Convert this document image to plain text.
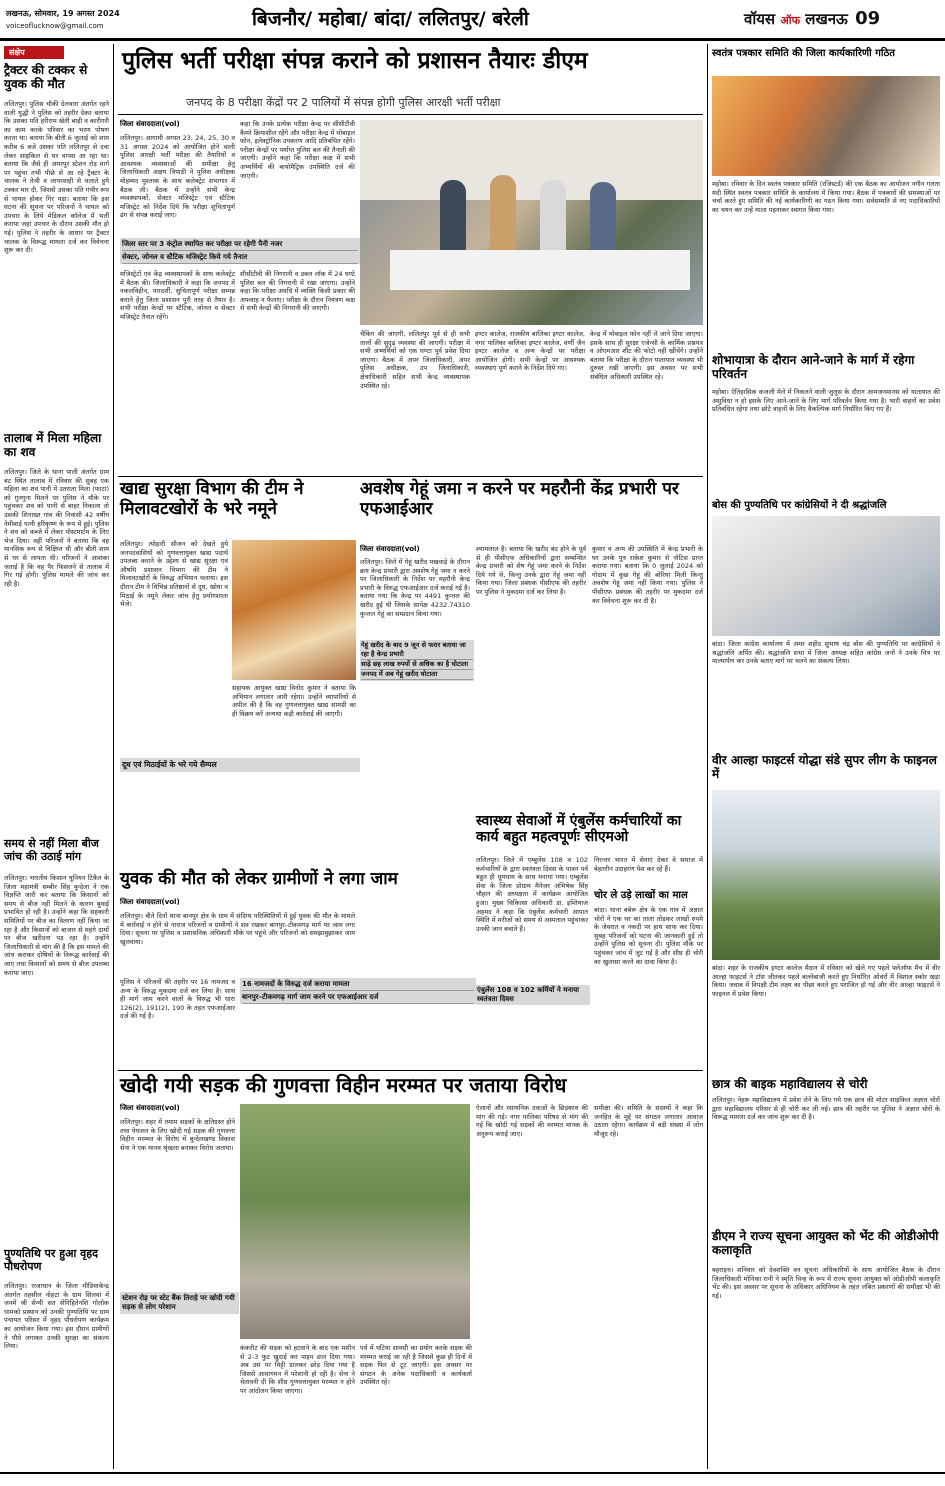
लखनऊ, सोमवार, 19 अगस्त 2024
voiceoflucknow@gmail.com	बिजनौर/ महोबा/ बांदा/ ललितपुर/ बरेली	वॉयस ऑफ लखनऊ 09
संक्षेप
ट्रैक्टर की टक्कर से युवक की मौत
ललितपुर। पुलिस चौकी देलवारा अंतर्गत रहने वाली युद्धी ने पुलिस को तहरीर देकर बताया कि उसका पति हरीराम खेती बाड़ी व कारीगरी का काम करके परिवार का भरण पोषण करता था। बताया कि बीती 6 जुलाई को शाम करीब 6 बजे उसका पति ललितपुर से दवा लेकर साइकिल से घर वापस आ रहा था। बताया कि जैसे ही अमरपुर स्टेशन रोड़ मार्ग पर पहुंचा तभी पीछे से आ रहे ट्रैक्टर के चालक ने तेजी व लापरवाही से चलाते हुये टक्कर मार दी, जिससे उसका पति गंभीर रूप से घायल होकर गिर पड़ा। बताया कि इस घटना की सूचना पर परिजनों ने घायल को उपचार के लिये मेडिकल कॉलेज में भर्ती कराया जहां उपचार के दौरान उसकी मौत हो गई। पुलिस ने तहरीर के आधार पर ट्रैक्टर चालक के विरूद्ध मामला दर्ज कर विवेचना शुरू कर दी।
तालाब में मिला महिला का शव
ललितपुर। जिले के थाना पाली अंतर्गत ग्राम बंट स्थित तालाब में रविवार की सुबह एक महिला का शव पानी में उतराता मिला (फाटा) को गुनगुना मिलने पर पुलिस ने मौके पर पहुंचकर शव को पानी से बाहर निकाला तो उसकी शिनाख्त गांव की निवासी 42 वर्षीय नेमीबाई पत्नी हरिकृष्ण के रूप में हुई। पुलिस ने शव को कब्जे में लेकर पोस्टमार्टम के लिए भेज दिया। वहीं परिजनों ने बताया कि वह मानसिक रूप से विक्षिप्त थी और बीती शाम से घर से लापता थी। परिजनों ने आशंका जताई है कि वह पैर फिसलने से तालाब में गिर गई होगी। पुलिस मामले की जांच कर रही है।
समय से नहीं मिला बीज जांच की उठाई मांग
ललितपुर। भारतीय किसान यूनियन टिकैत के जिला महामंत्री सम्बीर सिंह बुन्देला ने एक विज्ञप्ति जारी कर बताया कि किसानों को समय से बीज नहीं मिलने के कारण बुवाई प्रभावित हो रही है। उन्होंने कहा कि सहकारी समितियों पर बीज का वितरण नहीं किया जा रहा है और किसानों को बाजार से महंगे दामों पर बीज खरीदना पड़ रहा है। उन्होंने जिलाधिकारी से मांग की है कि इस मामले की जांच कराकर दोषियों के विरूद्ध कार्रवाई की जाए तथा किसानों को समय से बीज उपलब्ध कराया जाए।
पुण्यतिथि पर हुआ वृहद पौधरोपण
ललितपुर। राजाधान के जिला मीडियाकेन्द्र अंतर्गत तहसील नोहटा के ग्राम सिलवां में जनमें श्री सेन्यी सत सेनिहितेनशि गोलोक धामको प्रस्थान को उनकी पुण्यतिथि पर ग्राम पंचायत परिसर में वृहद पौधरोपण कार्यक्रम का आयोजन किया गया। इस दौरान ग्रामीणों ने पौधे लगाकर उनकी सुरक्षा का संकल्प लिया।
पुलिस भर्ती परीक्षा संपन्न कराने को प्रशासन तैयारः डीएम
जनपद के 8 परीक्षा केंद्रों पर 2 पालियों में संपन्न होगी पुलिस आरक्षी भर्ती परीक्षा
जिला संवाददाता(vol)
ललितपुर। आगामी अगस्त 23, 24, 25, 30 व 31 अगस्त 2024 को आयोजित होने वाली पुलिस आरक्षी भर्ती परीक्षा की तैयारियों व आवश्यक व्यवस्थाओं की समीक्षा हेतु जिलाधिकारी अक्षय त्रिपाठी ने पुलिस अधीक्षक मोहम्मद मुश्ताक के साथ कलेक्ट्रेट सभागार में बैठक ली। बैठक में उन्होंने सभी केन्द्र व्यवस्थापकों, सेक्टर मजिस्ट्रेट एवं स्टैटिक मजिस्ट्रेट को निर्देश दिये कि परीक्षा शुचितापूर्ण ढंग से संपन्न कराई जाए।
कहा कि उनके प्रत्येक परीक्षा केन्द्र पर सीसीटीवी कैमरे क्रियाशील रहेंगे और परीक्षा केन्द्र में मोबाइल फोन, इलेक्ट्रॉनिक उपकरण आदि प्रतिबंधित रहेंगे। परीक्षा केन्द्रों पर पर्याप्त पुलिस बल की तैनाती की जाएगी। उन्होंने कहा कि परीक्षा कक्ष में सभी अभ्यर्थियों की बायोमैट्रिक उपस्थिति दर्ज की जाएगी।
जिला स्तर पर 3 कंट्रोल स्थापित कर परीक्षा पर रहेगी पैनी नजर
सेक्टर, जोनल व स्टैटिक मजिस्ट्रेट किये गये तैनात
मजिस्ट्रेटों एवं केंद्र व्यवस्थापकों के साथ कलेक्ट्रेट में बैठक की। जिलाधिकारी ने कहा कि जनपद में नकलविहीन, पारदर्शी, सुचितापूर्ण परीक्षा सम्पन्न कराने हेतु जिला प्रशासन पूरी तरह से तैयार है। सभी परीक्षा केन्द्रों पर स्टैटिक, जोनल व सेक्टर मजिस्ट्रेट तैनात रहेंगे।
सीसीटीवी की निगरानी व डबल लॉक में 24 घण्टे पुलिस बल की निगरानी में रखा जाएगा। उन्होंने कहा कि परीक्षा अवधि में व्यक्ति किसी प्रकार की अफवाह न फैलाए। परीक्षा के दौरान नियंत्रण कक्ष से सभी केन्द्रों की निगरानी की जाएगी।
चैकिंग की जाएगी, ललितपुर पूर्व से ही सभी तालों की सुदृढ़ व्यवस्था की जाएगी। परीक्षा में सभी अभ्यर्थियों को एक घण्टा पूर्व प्रवेश दिया जाएगा। बैठक में अपर जिलाधिकारी, अपर पुलिस अधीक्षक, उप जिलाधिकारी, क्षेत्राधिकारी सहित सभी केन्द्र व्यवस्थापक उपस्थित रहे।
इण्टर कालेज, राजकीय बालिका इण्टर कालेज, नगर पालिका बालिका इण्टर कालेज, वर्णी जैन इण्टर कालेज व अन्य केन्द्रों पर परीक्षा आयोजित होगी। सभी केन्द्रों पर आवश्यक व्यवस्थाएं पूर्ण कराने के निर्देश दिये गए।
केन्द्र में मोबाइल फोन नहीं ले जाने दिया जाएगा। इसके साथ ही सुरक्षा एजेन्सी के कार्मिक प्रश्नपत्र व ओएमआर शीट की फोटो नहीं खींचेंगे। उन्होंने बताया कि परीक्षा के दौरान यातायात व्यवस्था भी दुरुस्त रखी जाएगी। इस अवसर पर सभी संबंधित अधिकारी उपस्थित रहे।
खाद्य सुरक्षा विभाग की टीम ने मिलावटखोरों के भरे नमूने
ललितपुर। त्योहारी सीजन को देखते हुये जनपदवासियों को गुणवत्तायुक्त खाद्य पदार्थ उपलब्ध कराने के उद्देश्य से खाद्य सुरक्षा एवं औषधि प्रशासन विभाग की टीम ने मिलावटखोरों के विरुद्ध अभियान चलाया। इस दौरान टीम ने विभिन्न प्रतिष्ठानों से दूध, खोया व मिठाई के नमूने लेकर जांच हेतु प्रयोगशाला भेजे।
सहायक आयुक्त खाद्य विनोद कुमार ने बताया कि अभियान लगातार जारी रहेगा। उन्होंने व्यापारियों से अपील की है कि वह गुणवत्तायुक्त खाद्य सामग्री का ही विक्रय करें अन्यथा कड़ी कार्रवाई की जाएगी।
दूध एवं मिठाईयों के भरे गये सैम्पल
अवशेष गेहूं जमा न करने पर महरौनी केंद्र प्रभारी पर एफआईआर
जिला संवाददाता(vol)
ललितपुर। जिले में गेहूं खरीद पखवाड़े के दौरान क्रय केन्द्र प्रभारी द्वारा अवशेष गेहूं जमा न करने पर जिलाधिकारी के निर्देश पर महरौनी केन्द्र प्रभारी के विरुद्ध एफआईआर दर्ज कराई गई है। बताया गया कि केन्द्र पर 4491 कुन्तल की खरीद हुई थी जिसके सापेक्ष 4232.74310 कुन्तल गेहूं का सम्प्रदान किया गया।
गेहूं खरीद के बाद 9 जून से फरार बताया जा रहा है केन्द्र प्रभारी
साढ़े छह लाख रुपयों से अधिक का है घोटाला
जनपद में अब गेहूं खरीद घोटाला
श्यामलाल है। बताया कि खरीद बंद होने के पूर्व से ही पीसीएफ अधिकारियों द्वारा सम्बन्धित केन्द्र प्रभारी को शेष गेहूं जमा करने के निर्देश दिये गये थे, किन्तु उनके द्वारा गेहूं जमा नहीं किया गया। जिला प्रबंधक पीसीएफ की तहरीर पर पुलिस ने मुकदमा दर्ज कर लिया है।
कुमार व अन्य की उपस्थिति में केन्द्र प्रभारी के घर उनके पुत्र राकेश कुमार से नोटिस प्राप्त कराया गया। बताया कि 0 जुलाई 2024 को गोदाम में कुछ गेहूं की बोरियां मिली किन्तु अवशेष गेहूं जमा नहीं किया गया। पुलिस ने पीसीएफ प्रबंधक की तहरीर पर मुकदमा दर्ज कर विवेचना शुरू कर दी है।
स्वास्थ्य सेवाओं में एंबुलेंस कर्मचारियों का कार्य बहुत महत्वपूर्णः सीएमओ
ललितपुर। जिले में एम्बुलेंस 108 व 102 कर्मचारियों के द्वारा स्वतंत्रता दिवस के पावन पर्व बहुत ही धूमधाम के साथ मनाया गया। एम्बुलेंस सेवा के जिला प्रोग्राम मैनेजर अभिषेक सिंह चौहान की अध्यक्षता में कार्यक्रम आयोजित हुआ। मुख्य चिकित्सा अधिकारी डा. इम्तियाज अहमद ने कहा कि एंबुलेंस कर्मचारी आपात स्थिति में मरीजों को समय से अस्पताल पहुंचाकर उनकी जान बचाते हैं।
एंबुलेंस 108 व 102 कर्मियों ने मनाया स्वतंत्रता दिवस
निरन्तर भारत में सेवाएं देकर वे समाज में बेहतरीन उदाहरण पेश कर रहे हैं।
चोर ले उड़े लाखों का माल
बांदा। थाना बबेरू क्षेत्र के एक गांव में अज्ञात चोरों ने एक घर का ताला तोड़कर लाखों रुपये के जेवरात व नकदी पर हाथ साफ कर दिया। सुबह परिजनों को घटना की जानकारी हुई तो उन्होंने पुलिस को सूचना दी। पुलिस मौके पर पहुंचकर जांच में जुट गई है और शीघ्र ही चोरी का खुलासा करने का दावा किया है।
युवक की मौत को लेकर ग्रामीणों ने लगा जाम
जिला संवाददाता(vol)
ललितपुर। बीते दिनों थाना बानपुर क्षेत्र के ग्राम में संदिग्ध परिस्थितियों में हुई युवक की मौत के मामले में कार्रवाई न होने से नाराज परिजनों व ग्रामीणों ने शव रखकर बानपुर–टीकमगढ़ मार्ग पर जाम लगा दिया। सूचना पर पुलिस व प्रशासनिक अधिकारी मौके पर पहुंचे और परिजनों को समझाबुझाकर जाम खुलवाया।
16 नामजदों के विरुद्ध दर्ज कराया मामला
बानपुर–टीकमगढ़ मार्ग जाम करने पर एफआईआर दर्ज
पुलिस ने परिजनों की तहरीर पर 16 नामजद व अन्य के विरुद्ध मुकदमा दर्ज कर लिया है। साथ ही मार्ग जाम करने वालों के विरुद्ध भी धारा 126(2), 191(2), 190 के तहत एफआईआर दर्ज की गई है।
खोदी गयी सड़क की गुणवत्ता विहीन मरम्मत पर जताया विरोध
जिला संवाददाता(vol)
ललितपुर। शहर में तमाम सड़कों के क्षतिग्रस्त होने तथा पेयजल के लिए खोदी गई सड़क की गुणवत्ता विहीन मरम्मत के विरोध में बुन्देलखण्ड विकास सेना ने एक मानव श्रृंखला बनाकर विरोध जताया।
स्टेशन रोड़ पर स्टेट बैंक तिराहे पर खोदी गयी सड़क से लोग परेशान
कंकरीट की सड़क को हटवाने के बाद एक मशीन से 2-3 फुट खुदाई कर पाइप डाल दिया गया। अब उस पर मिट्टी डालकर छोड़ दिया गया है जिससे आवागमन में परेशानी हो रही है। सेना ने चेतावनी दी कि शीघ्र गुणवत्तायुक्त मरम्मत न होने पर आंदोलन किया जाएगा।
पर्व में घटिया सामग्री का प्रयोग करके सड़क की मरम्मत कराई जा रही है जिससे कुछ ही दिनों में सड़क फिर से टूट जाएगी। इस अवसर पर संगठन के अनेक पदाधिकारी व कार्यकर्ता उपस्थित रहे।
ऐलानों और रसायनिक दवाओं के छिड़काव की मांग की गई। नगर पालिका परिषद से मांग की गई कि खोदी गई सड़कों की मरम्मत मानक के अनुरूप कराई जाए।
समीक्षा की। समिति के सदस्यों ने कहा कि जनहित के मुद्दे पर संगठन लगातार आवाज उठाता रहेगा। कार्यक्रम में बड़ी संख्या में लोग मौजूद रहे।
स्वतंत्र पत्रकार समिति की जिला कार्यकारिणी गठित
महोबा। रविवार के दिन स्वतंत्र पत्रकार समिति (रजिस्टर्ड) की एक बैठक का आयोजन नगीन गलता मंदी स्थित स्वतंत्र पत्रकार समिति के कार्यालय में किया गया। बैठक में पत्रकारों की समस्याओं पर चर्चा करते हुए समिति की नई कार्यकारिणी का गठन किया गया। सर्वसम्मति से नए पदाधिकारियों का चयन कर उन्हें माला पहनाकर स्वागत किया गया।
शोभायात्रा के दौरान आने-जाने के मार्ग में रहेगा परिवर्तन
महोबा। ऐतिहासिक कजली मेले में निकलने वाली जुलूस के दौरान आमजनमानस को यातायात की असुविधा न हो इसके लिए आने-जाने के लिए मार्ग परिवर्तन किया गया है। भारी वाहनों का प्रवेश प्रतिबंधित रहेगा तथा छोटे वाहनों के लिए वैकल्पिक मार्ग निर्धारित किए गए हैं।
बोस की पुण्यतिथि पर कांग्रेसियों ने दी श्रद्धांजलि
बांदा। जिला कांग्रेस कार्यालय में अमर शहीद सुभाष चंद्र बोस की पुण्यतिथि पर कांग्रेसियों ने श्रद्धांजलि अर्पित की। श्रद्धांजलि सभा में जिला अध्यक्ष सहित कांग्रेस जनों ने उनके चित्र पर माल्यार्पण कर उनके बताए मार्ग पर चलने का संकल्प लिया।
वीर आल्हा फाइटर्स योद्धा संडे सुपर लीग के फाइनल में
बांदा। शहर के राजकीय इण्टर कालेज मैदान में रविवार को खेले गए पहले फ्लेऑफ मैच में वीर आल्हा फाइटर्स ने टॉस जीतकर पहले बल्लेबाजी करते हुए निर्धारित ओवरों में विशाल स्कोर खड़ा किया। जवाब में विपक्षी टीम लक्ष्य का पीछा करते हुए पराजित हो गई और वीर आल्हा फाइटर्स ने फाइनल में प्रवेश किया।
छात्र की बाइक महाविद्यालय से चोरी
ललितपुर। नेहरू महाविद्यालय में प्रवेश लेने के लिए गये एक छात्र की मोटर साइकिल अज्ञात चोरों द्वारा महाविद्यालय परिसर से ही चोरी कर ली गई। छात्र की तहरीर पर पुलिस ने अज्ञात चोरों के विरूद्ध मामला दर्ज कर जांच शुरू कर दी है।
डीएम ने राज्य सूचना आयुक्त को भेंट की ओडीओपी कलाकृति
बहराइच। शनिवार को देवशक्ति वन सूचना अधिकारियों के साथ आयोजित बैठक के दौरान जिलाधिकारी मोनिका रानी ने स्मृति चिन्ह के रूप में राज्य सूचना आयुक्त को ओडीओपी कलाकृति भेंट की। इस अवसर पर सूचना के अधिकार अधिनियम के तहत लंबित प्रकरणों की समीक्षा भी की गई।
